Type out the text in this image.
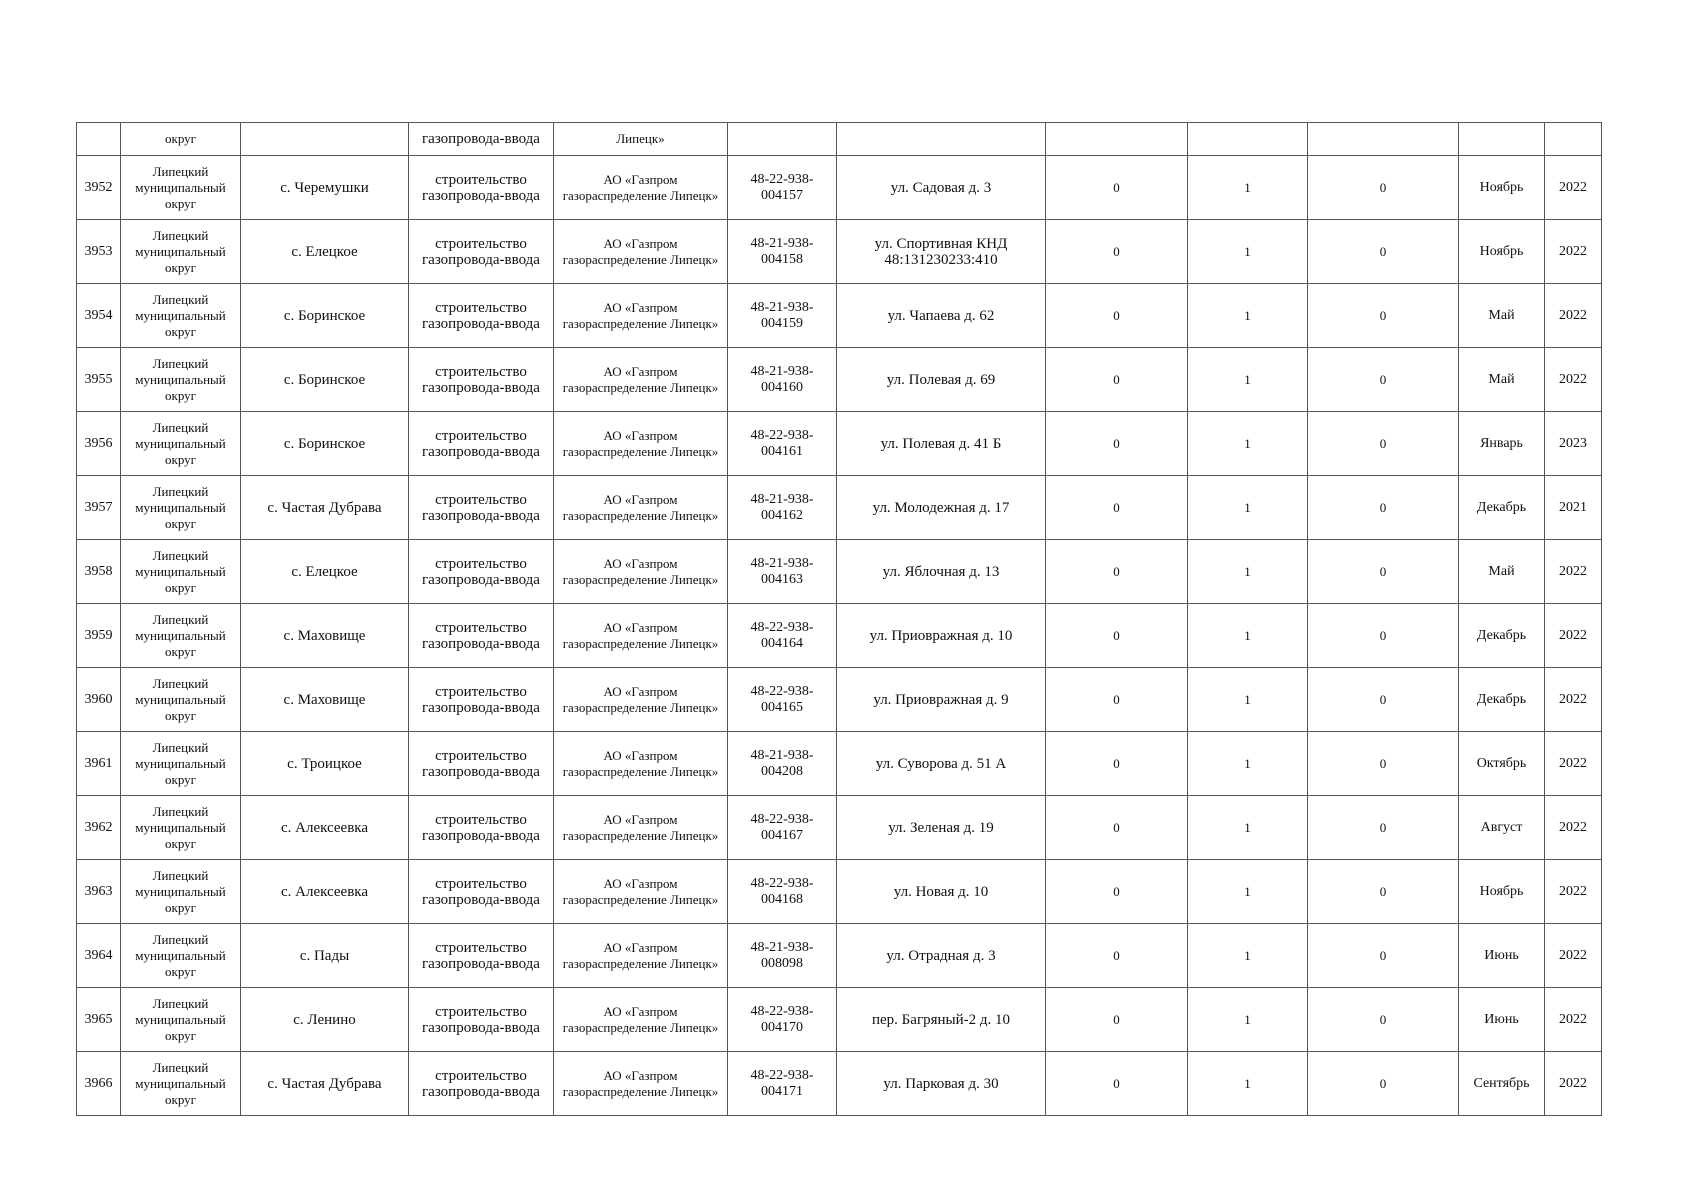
	округ		газопровода-ввода	Липецк»							
3952	Липецкий муниципальный округ	с. Черемушки	строительство газопровода-ввода	АО «Газпром газораспределение Липецк»	48-22-938-004157	ул. Садовая д. 3	0	1	0	Ноябрь	2022
3953	Липецкий муниципальный округ	с. Елецкое	строительство газопровода-ввода	АО «Газпром газораспределение Липецк»	48-21-938-004158	ул. Спортивная КНД 48:131230233:410	0	1	0	Ноябрь	2022
3954	Липецкий муниципальный округ	с. Боринское	строительство газопровода-ввода	АО «Газпром газораспределение Липецк»	48-21-938-004159	ул. Чапаева д. 62	0	1	0	Май	2022
3955	Липецкий муниципальный округ	с. Боринское	строительство газопровода-ввода	АО «Газпром газораспределение Липецк»	48-21-938-004160	ул. Полевая д. 69	0	1	0	Май	2022
3956	Липецкий муниципальный округ	с. Боринское	строительство газопровода-ввода	АО «Газпром газораспределение Липецк»	48-22-938-004161	ул. Полевая д. 41 Б	0	1	0	Январь	2023
3957	Липецкий муниципальный округ	с. Частая Дубрава	строительство газопровода-ввода	АО «Газпром газораспределение Липецк»	48-21-938-004162	ул. Молодежная д. 17	0	1	0	Декабрь	2021
3958	Липецкий муниципальный округ	с. Елецкое	строительство газопровода-ввода	АО «Газпром газораспределение Липецк»	48-21-938-004163	ул. Яблочная д. 13	0	1	0	Май	2022
3959	Липецкий муниципальный округ	с. Маховище	строительство газопровода-ввода	АО «Газпром газораспределение Липецк»	48-22-938-004164	ул. Приовражная д. 10	0	1	0	Декабрь	2022
3960	Липецкий муниципальный округ	с. Маховище	строительство газопровода-ввода	АО «Газпром газораспределение Липецк»	48-22-938-004165	ул. Приовражная д. 9	0	1	0	Декабрь	2022
3961	Липецкий муниципальный округ	с. Троицкое	строительство газопровода-ввода	АО «Газпром газораспределение Липецк»	48-21-938-004208	ул. Суворова д. 51 А	0	1	0	Октябрь	2022
3962	Липецкий муниципальный округ	с. Алексеевка	строительство газопровода-ввода	АО «Газпром газораспределение Липецк»	48-22-938-004167	ул. Зеленая д. 19	0	1	0	Август	2022
3963	Липецкий муниципальный округ	с. Алексеевка	строительство газопровода-ввода	АО «Газпром газораспределение Липецк»	48-22-938-004168	ул. Новая д. 10	0	1	0	Ноябрь	2022
3964	Липецкий муниципальный округ	с. Пады	строительство газопровода-ввода	АО «Газпром газораспределение Липецк»	48-21-938-008098	ул. Отрадная д. 3	0	1	0	Июнь	2022
3965	Липецкий муниципальный округ	с. Ленино	строительство газопровода-ввода	АО «Газпром газораспределение Липецк»	48-22-938-004170	пер. Багряный-2 д. 10	0	1	0	Июнь	2022
3966	Липецкий муниципальный округ	с. Частая Дубрава	строительство газопровода-ввода	АО «Газпром газораспределение Липецк»	48-22-938-004171	ул. Парковая д. 30	0	1	0	Сентябрь	2022
